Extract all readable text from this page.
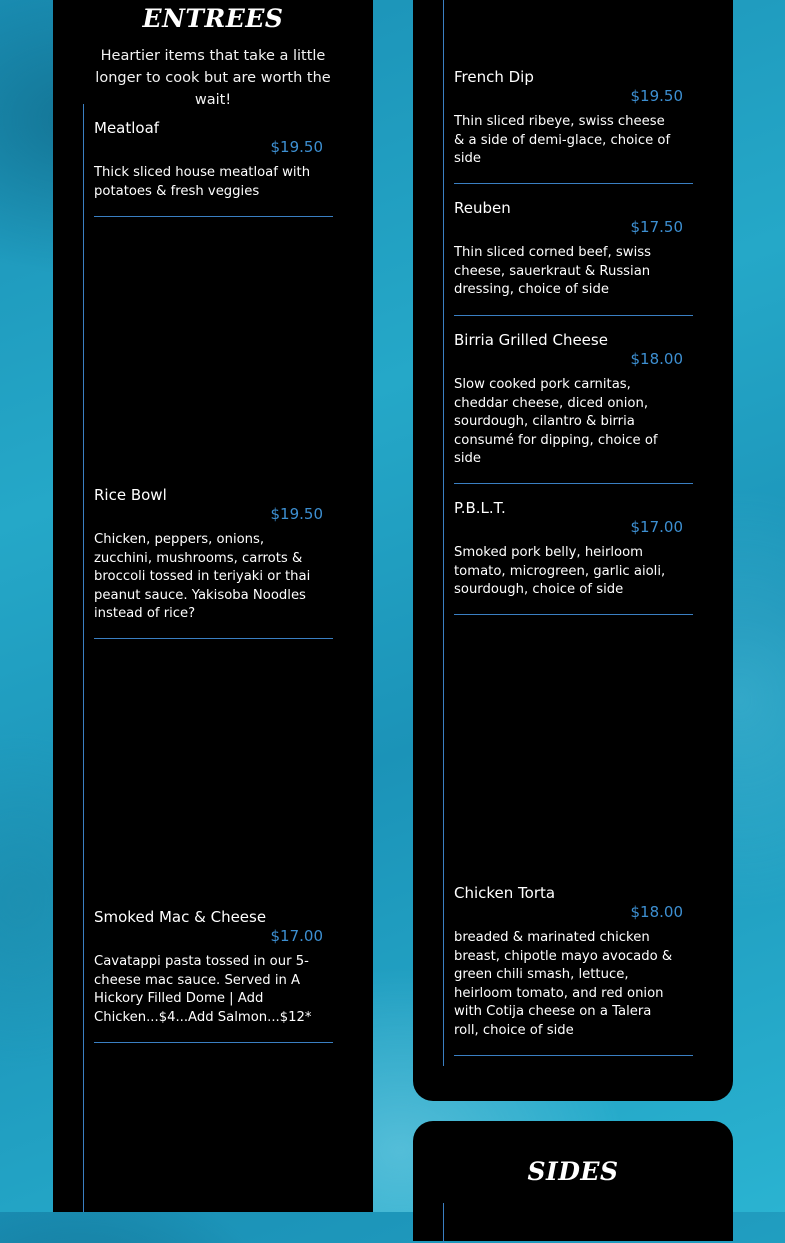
ENTREES
Heartier items that take a little longer to cook but are worth the wait!
Meatloaf
$19.50
Thick sliced house meatloaf with potatoes & fresh veggies
Rice Bowl
$19.50
Chicken, peppers, onions, zucchini, mushrooms, carrots & broccoli tossed in teriyaki or thai peanut sauce. Yakisoba Noodles instead of rice?
Smoked Mac & Cheese
$17.00
Cavatappi pasta tossed in our 5-cheese mac sauce. Served in A Hickory Filled Dome | Add Chicken...$4...Add Salmon...$12*
French Dip
$19.50
Thin sliced ribeye, swiss cheese & a side of demi-glace, choice of side
Reuben
$17.50
Thin sliced corned beef, swiss cheese, sauerkraut & Russian dressing, choice of side
Birria Grilled Cheese
$18.00
Slow cooked pork carnitas, cheddar cheese, diced onion, sourdough, cilantro & birria consumé for dipping, choice of side
P.B.L.T.
$17.00
Smoked pork belly, heirloom tomato, microgreen, garlic aioli, sourdough, choice of side
Chicken Torta
$18.00
breaded & marinated chicken breast, chipotle mayo avocado & green chili smash, lettuce, heirloom tomato, and red onion with Cotija cheese on a Talera roll, choice of side
SIDES
